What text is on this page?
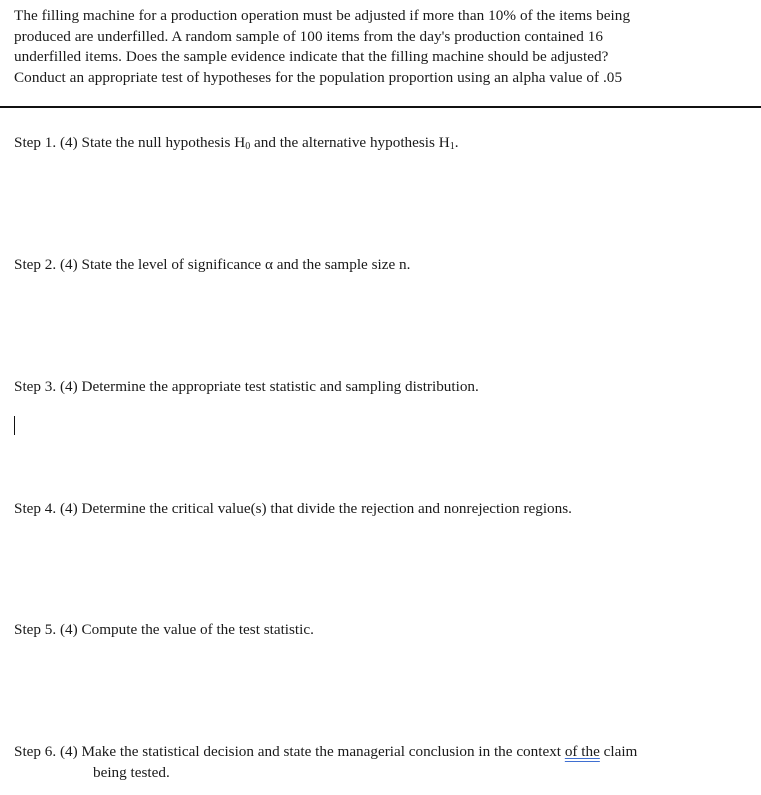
The filling machine for a production operation must be adjusted if more than 10% of the items being
produced are underfilled. A random sample of 100 items from the day's production contained 16
underfilled items. Does the sample evidence indicate that the filling machine should be adjusted?
Conduct an appropriate test of hypotheses for the population proportion using an alpha value of .05
Step 1. (4) State the null hypothesis $H_0$ and the alternative hypothesis $H_1$.
Step 2. (4) State the level of significance α and the sample size n.
Step 3. (4) Determine the appropriate test statistic and sampling distribution.
Step 4. (4) Determine the critical value(s) that divide the rejection and nonrejection regions.
Step 5. (4) Compute the value of the test statistic.
Step 6. (4) Make the statistical decision and state the managerial conclusion in the context of the claim
being tested.
